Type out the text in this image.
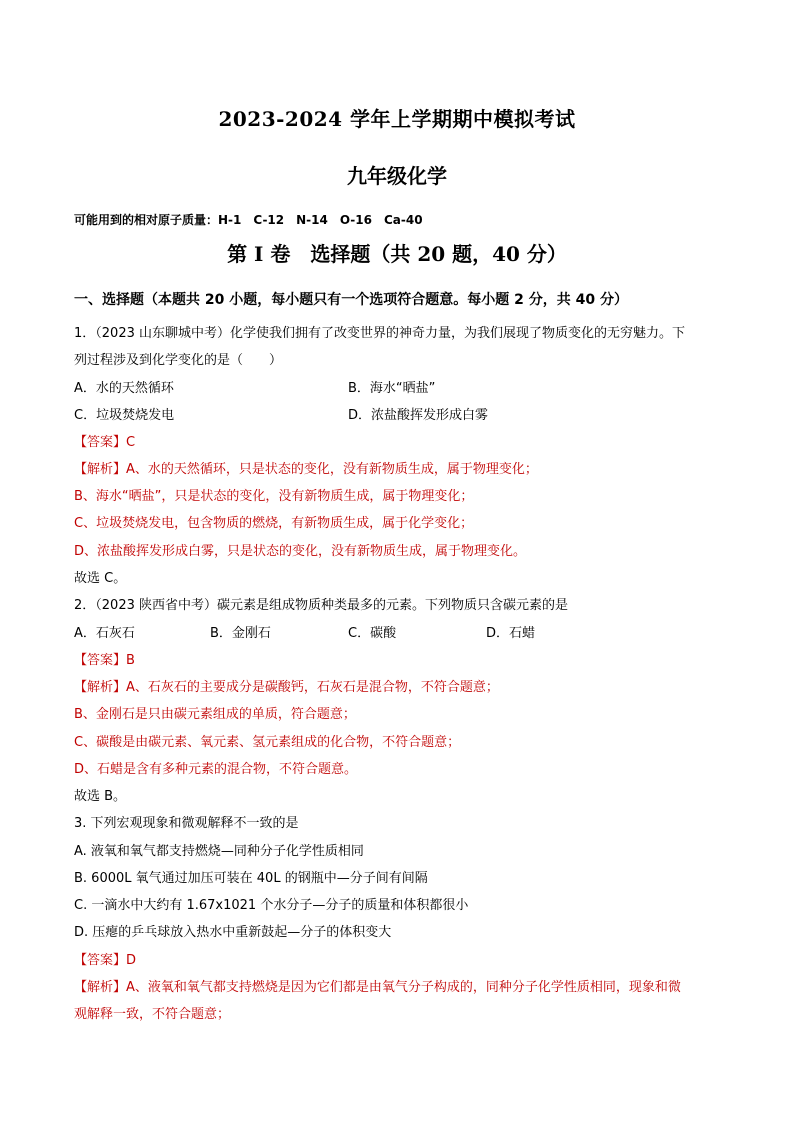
2023-2024 学年上学期期中模拟考试
九年级化学
可能用到的相对原子质量：H-1　C-12　N-14　O-16　Ca-40
第 I 卷　选择题（共 20 题，40 分）
一、选择题（本题共 20 小题，每小题只有一个选项符合题意。每小题 2 分，共 40 分）
1．（2023 山东聊城中考）化学使我们拥有了改变世界的神奇力量，为我们展现了物质变化的无穷魅力。下
列过程涉及到化学变化的是（　　）
A．水的天然循环	B．海水“晒盐”
C．垃圾焚烧发电	D．浓盐酸挥发形成白雾
【答案】C
【解析】A、水的天然循环，只是状态的变化，没有新物质生成，属于物理变化；
B、海水“晒盐”，只是状态的变化，没有新物质生成，属于物理变化；
C、垃圾焚烧发电，包含物质的燃烧，有新物质生成，属于化学变化；
D、浓盐酸挥发形成白雾，只是状态的变化，没有新物质生成，属于物理变化。
故选 C。
2．（2023 陕西省中考）碳元素是组成物质种类最多的元素。下列物质只含碳元素的是
A．石灰石	B．金刚石	C．碳酸	D．石蜡
【答案】B
【解析】A、石灰石的主要成分是碳酸钙，石灰石是混合物，不符合题意；
B、金刚石是只由碳元素组成的单质，符合题意；
C、碳酸是由碳元素、氧元素、氢元素组成的化合物，不符合题意；
D、石蜡是含有多种元素的混合物，不符合题意。
故选 B。
3. 下列宏观现象和微观解释不一致的是
A. 液氧和氧气都支持燃烧—同种分子化学性质相同
B. 6000L 氧气通过加压可装在 40L 的钢瓶中—分子间有间隔
C. 一滴水中大约有 1.67x1021 个水分子—分子的质量和体积都很小
D. 压瘪的乒乓球放入热水中重新鼓起—分子的体积变大
【答案】D
【解析】A、液氧和氧气都支持燃烧是因为它们都是由氧气分子构成的，同种分子化学性质相同，现象和微
观解释一致，不符合题意；
